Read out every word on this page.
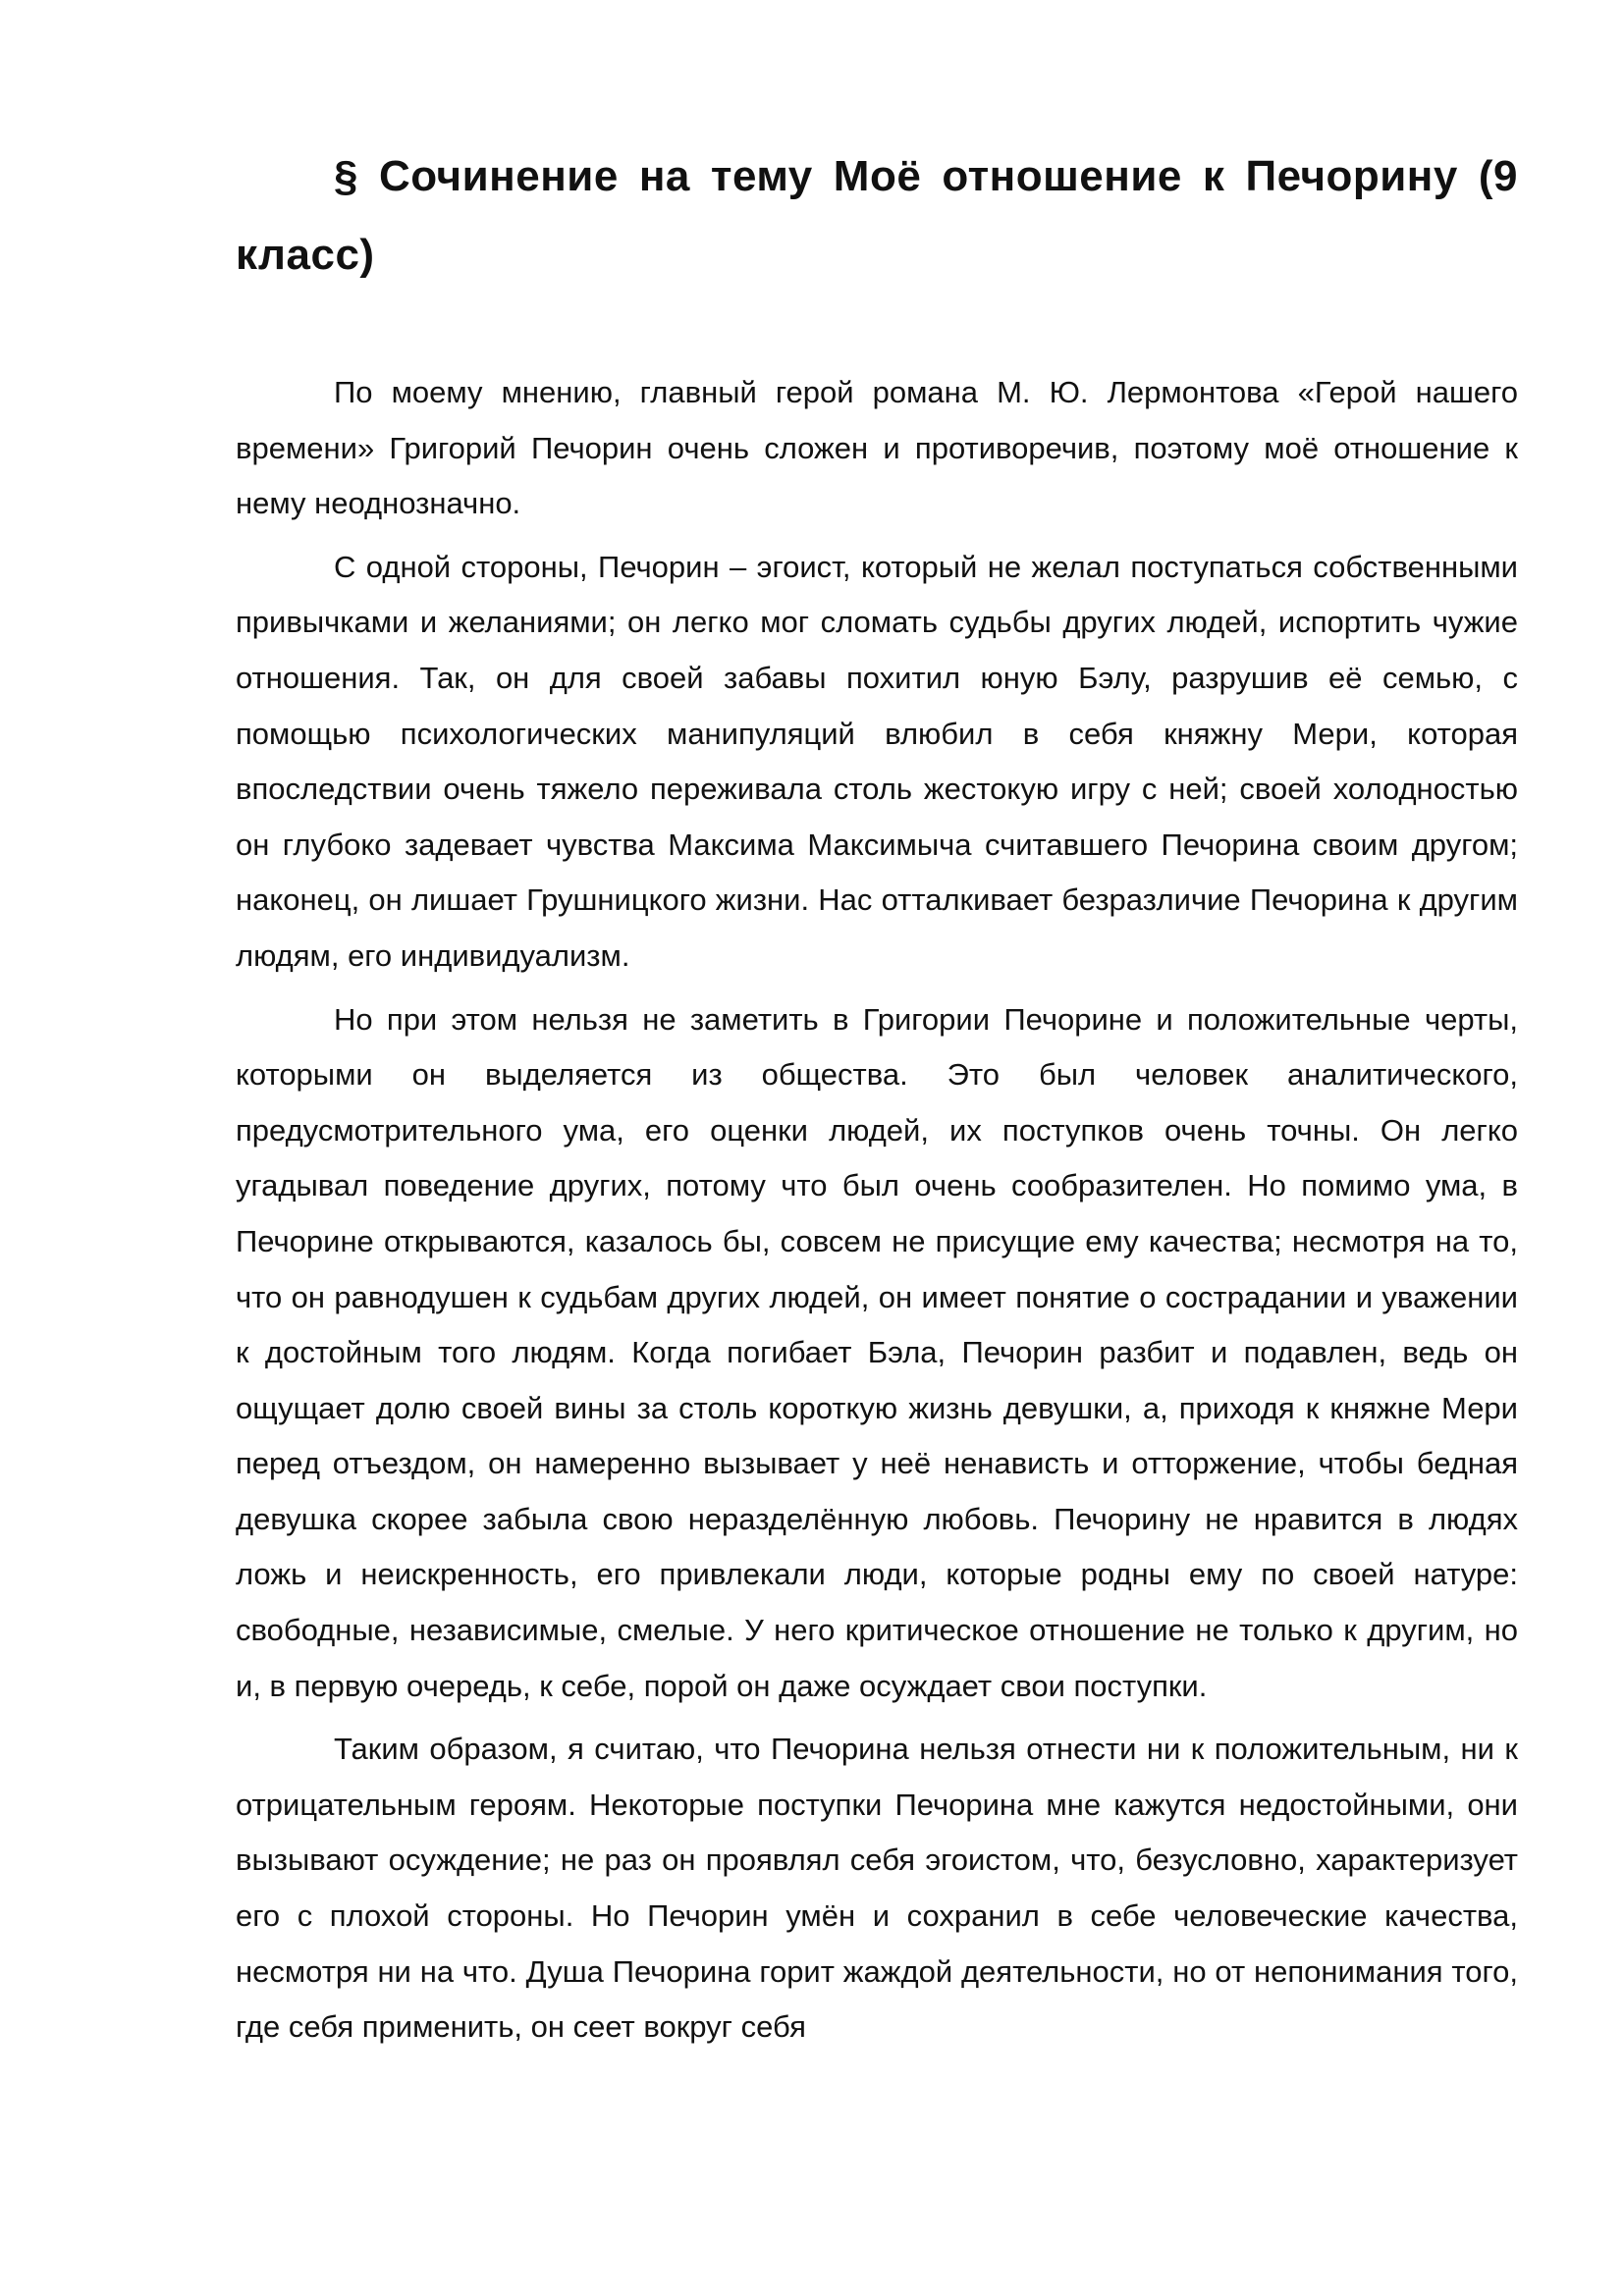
§ Сочинение на тему Моё отношение к Печорину (9 класс)

По моему мнению, главный герой романа М. Ю. Лермонтова «Герой нашего времени» Григорий Печорин очень сложен и противоречив, поэтому моё отношение к нему неоднозначно.

С одной стороны, Печорин – эгоист, который не желал поступаться собственными привычками и желаниями; он легко мог сломать судьбы других людей, испортить чужие отношения. Так, он для своей забавы похитил юную Бэлу, разрушив её семью, с помощью психологических манипуляций влюбил в себя княжну Мери, которая впоследствии очень тяжело переживала столь жестокую игру с ней; своей холодностью он глубоко задевает чувства Максима Максимыча считавшего Печорина своим другом; наконец, он лишает Грушницкого жизни. Нас отталкивает безразличие Печорина к другим людям, его индивидуализм.

Но при этом нельзя не заметить в Григории Печорине и положительные черты, которыми он выделяется из общества. Это был человек аналитического, предусмотрительного ума, его оценки людей, их поступков очень точны. Он легко угадывал поведение других, потому что был очень сообразителен. Но помимо ума, в Печорине открываются, казалось бы, совсем не присущие ему качества; несмотря на то, что он равнодушен к судьбам других людей, он имеет понятие о сострадании и уважении к достойным того людям. Когда погибает Бэла, Печорин разбит и подавлен, ведь он ощущает долю своей вины за столь короткую жизнь девушки, а, приходя к княжне Мери перед отъездом, он намеренно вызывает у неё ненависть и отторжение, чтобы бедная девушка скорее забыла свою неразделённую любовь. Печорину не нравится в людях ложь и неискренность, его привлекали люди, которые родны ему по своей натуре: свободные, независимые, смелые. У него критическое отношение не только к другим, но и, в первую очередь, к себе, порой он даже осуждает свои поступки.

Таким образом, я считаю, что Печорина нельзя отнести ни к положительным, ни к отрицательным героям. Некоторые поступки Печорина мне кажутся недостойными, они вызывают осуждение; не раз он проявлял себя эгоистом, что, безусловно, характеризует его с плохой стороны. Но Печорин умён и сохранил в себе человеческие качества, несмотря ни на что. Душа Печорина горит жаждой деятельности, но от непонимания того, где себя применить, он сеет вокруг себя
